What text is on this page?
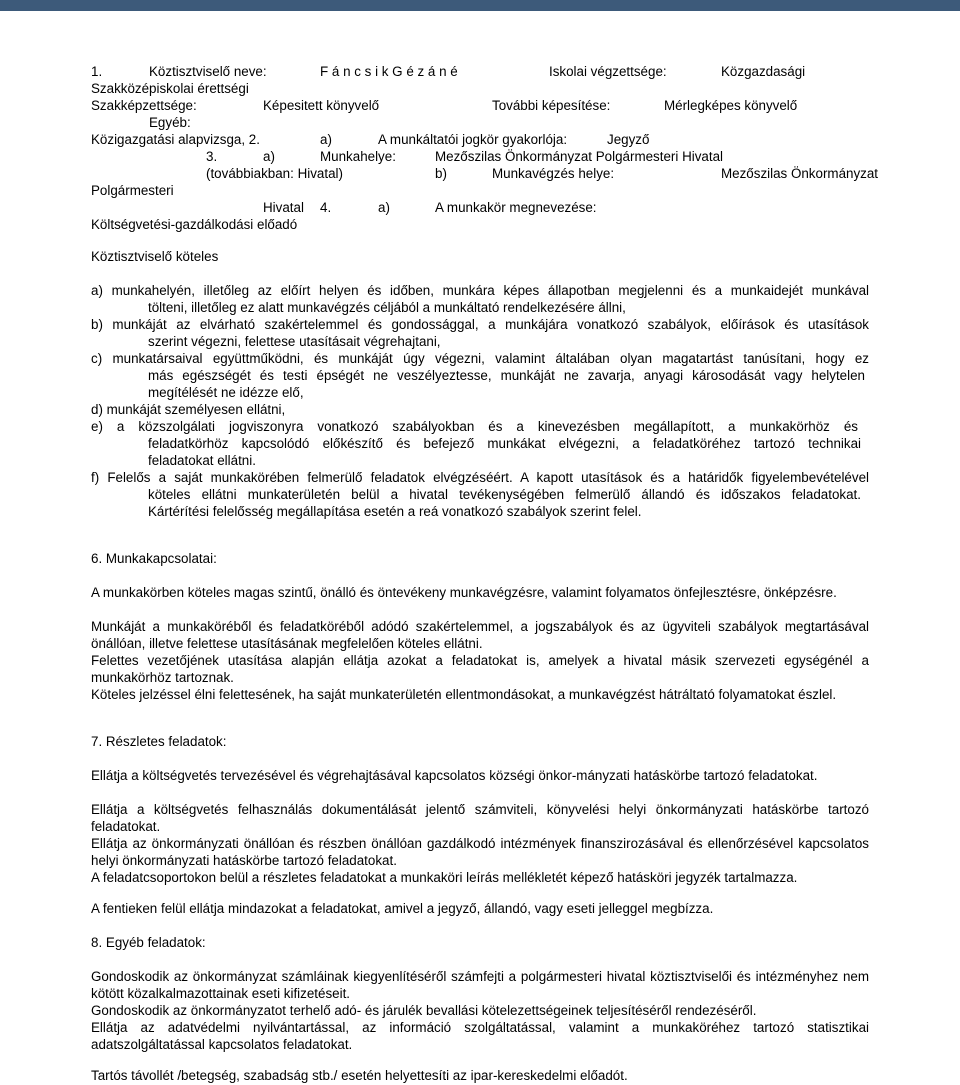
1.	Köztisztviselő neve:	F á n c s i k G é z á n é	Iskolai végzettsége:	Közgazdasági
Szakközépiskolai érettségi
Szakképzettsége:	Képesitett könyvelő	További képesítése:	Mérlegképes könyvelő
Egyéb:
Közigazgatási alapvizsga, 2.	a)	A munkáltatói jogkör gyakorlója:	Jegyző
3.	a)	Munkahelye:	Mezőszilas Önkormányzat Polgármesteri Hivatal
(továbbiakban: Hivatal)	b)	Munkavégzés helye:	Mezőszilas Önkormányzat
Polgármesteri
Hivatal 4.	a)	A munkakör megnevezése:
Költségvetési-gazdálkodási előadó
Köztisztviselő köteles
a) munkahelyén, illetőleg az előírt helyen és időben, munkára képes állapotban megjelenni és a munkaidejét munkával
tölteni, illetőleg ez alatt munkavégzés céljából a munkáltató rendelkezésére állni,
b) munkáját az elvárható szakértelemmel és gondossággal, a munkájára vonatkozó szabályok, előírások és utasítások
szerint végezni, felettese utasításait végrehajtani,
c) munkatársaival együttműködni, és munkáját úgy végezni, valamint általában olyan magatartást tanúsítani, hogy ez
más egészségét és testi épségét ne veszélyeztesse, munkáját ne zavarja, anyagi károsodását vagy helytelen
megítélését ne idézze elő,
d) munkáját személyesen ellátni,
e) a közszolgálati jogviszonyra vonatkozó szabályokban és a kinevezésben megállapított, a munkakörhöz és
feladatkörhöz kapcsolódó előkészítő és befejező munkákat elvégezni, a feladatköréhez tartozó technikai
feladatokat ellátni.
f) Felelős a saját munkakörében felmerülő feladatok elvégzéséért. A kapott utasítások és a határidők figyelembevételével
köteles ellátni munkaterületén belül a hivatal tevékenységében felmerülő állandó és időszakos feladatokat.
Kártérítési felelősség megállapítása esetén a reá vonatkozó szabályok szerint felel.
6. Munkakapcsolatai:

A munkakörben köteles magas szintű, önálló és öntevékeny munkavégzésre, valamint folyamatos önfejlesztésre, önképzésre.

Munkáját a munkaköréből és feladatköréből adódó szakértelemmel, a jogszabályok és az ügyviteli szabályok megtartásával önállóan, illetve felettese utasításának megfelelően köteles ellátni.

Felettes vezetőjének utasítása alapján ellátja azokat a feladatokat is, amelyek a hivatal másik szervezeti egységénél a munkakörhöz tartoznak.

Köteles jelzéssel élni felettesének, ha saját munkaterületén ellentmondásokat, a munkavégzést hátráltató folyamatokat észlel.

7. Részletes feladatok:

Ellátja a költségvetés tervezésével és végrehajtásával kapcsolatos községi önkor-mányzati hatáskörbe tartozó feladatokat.

Ellátja a költségvetés felhasználás dokumentálását jelentő számviteli, könyvelési helyi önkormányzati hatáskörbe tartozó feladatokat.

Ellátja az önkormányzati önállóan és részben önállóan gazdálkodó intézmények finanszirozásával és ellenőrzésével kapcsolatos helyi önkormányzati hatáskörbe tartozó feladatokat.

A feladatcsoportokon belül a részletes feladatokat a munkaköri leírás mellékletét képező hatásköri jegyzék tartalmazza.

A fentieken felül ellátja mindazokat a feladatokat, amivel a jegyző, állandó, vagy eseti jelleggel megbízza.

8. Egyéb feladatok:

Gondoskodik az önkormányzat számláinak kiegyenlítéséről számfejti a polgármesteri hivatal köztisztviselői és intézményhez nem kötött közalkalmazottainak eseti kifizetéseit.

Gondoskodik az önkormányzatot terhelő adó- és járulék bevallási kötelezettségeinek teljesítéséről rendezéséről.

Ellátja az adatvédelmi nyilvántartással, az információ szolgáltatással, valamint a munkaköréhez tartozó statisztikai adatszolgáltatással kapcsolatos feladatokat.

Tartós távollét /betegség, szabadság stb./ esetén helyettesíti az ipar-kereskedelmi előadót.
